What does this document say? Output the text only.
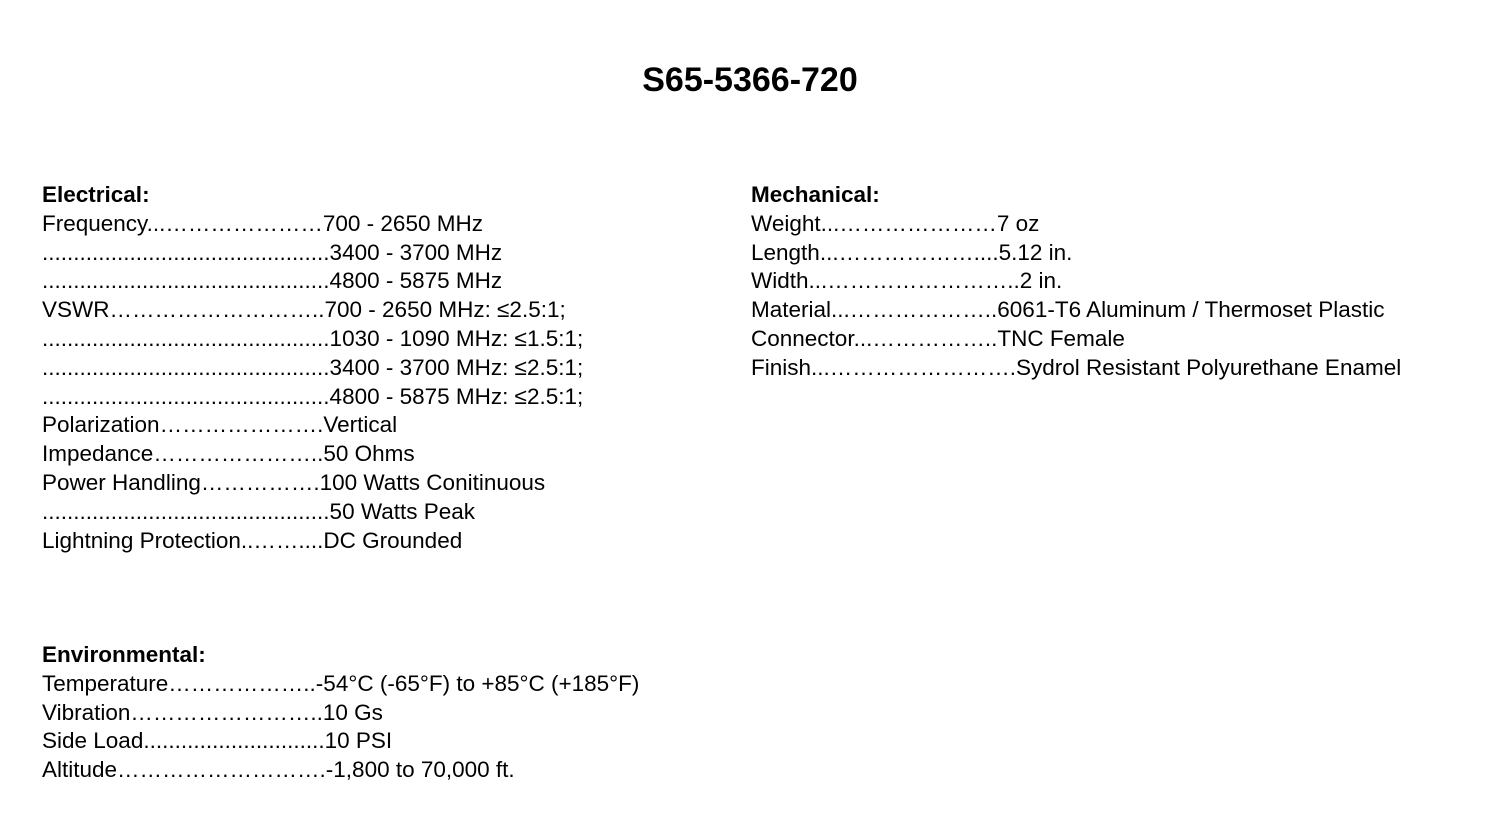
S65-5366-720
Electrical:
Frequency...…………………700 - 2650 MHz
..............................................3400 - 3700 MHz
..............................................4800 - 5875 MHz
VSWR………………………..700 - 2650 MHz: ≤2.5:1;
..............................................1030 - 1090 MHz: ≤1.5:1;
..............................................3400 - 3700 MHz: ≤2.5:1;
..............................................4800 - 5875 MHz: ≤2.5:1;
Polarization………………….Vertical
Impedance…………………..50 Ohms
Power Handling…………….100 Watts Conitinuous
..............................................50 Watts Peak
Lightning Protection..……....DC Grounded
Mechanical:
Weight...…………………7 oz
Length...………………....5.12 in.
Width...……………………..2 in.
Material...………………..6061-T6 Aluminum / Thermoset Plastic
Connector...……………..TNC Female
Finish...…………………….Sydrol Resistant Polyurethane Enamel
Environmental:
Temperature………………..-54°C (-65°F) to +85°C (+185°F)
Vibration……………………..10 Gs
Side Load.............................10 PSI
Altitude……………………….-1,800 to 70,000 ft.
